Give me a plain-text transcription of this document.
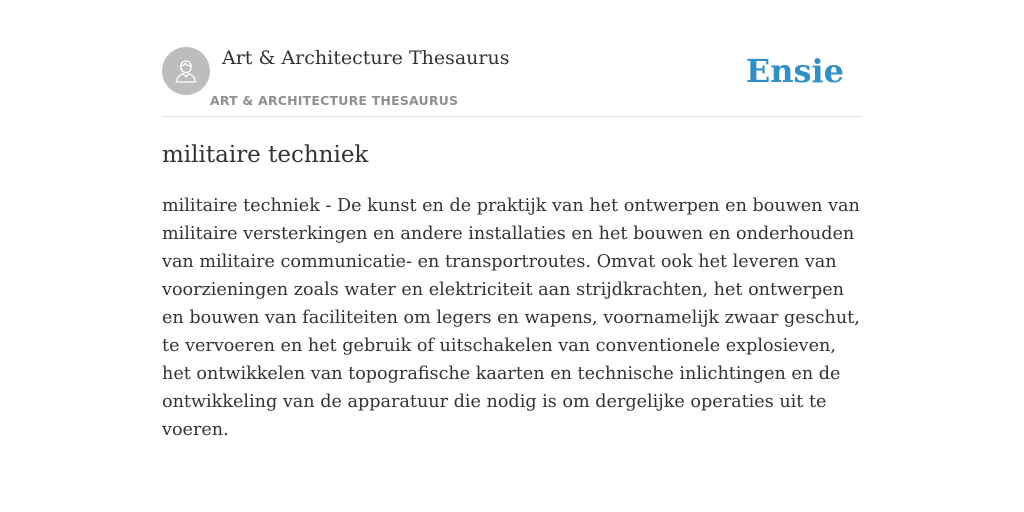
Art & Architecture Thesaurus
ART & ARCHITECTURE THESAURUS
Ensie
militaire techniek

militaire techniek - De kunst en de praktijk van het ontwerpen en bouwen van militaire versterkingen en andere installaties en het bouwen en onderhouden van militaire communicatie- en transportroutes. Omvat ook het leveren van voorzieningen zoals water en elektriciteit aan strijdkrachten, het ontwerpen en bouwen van faciliteiten om legers en wapens, voornamelijk zwaar geschut, te vervoeren en het gebruik of uitschakelen van conventionele explosieven, het ontwikkelen van topografische kaarten en technische inlichtingen en de ontwikkeling van de apparatuur die nodig is om dergelijke operaties uit te voeren.
